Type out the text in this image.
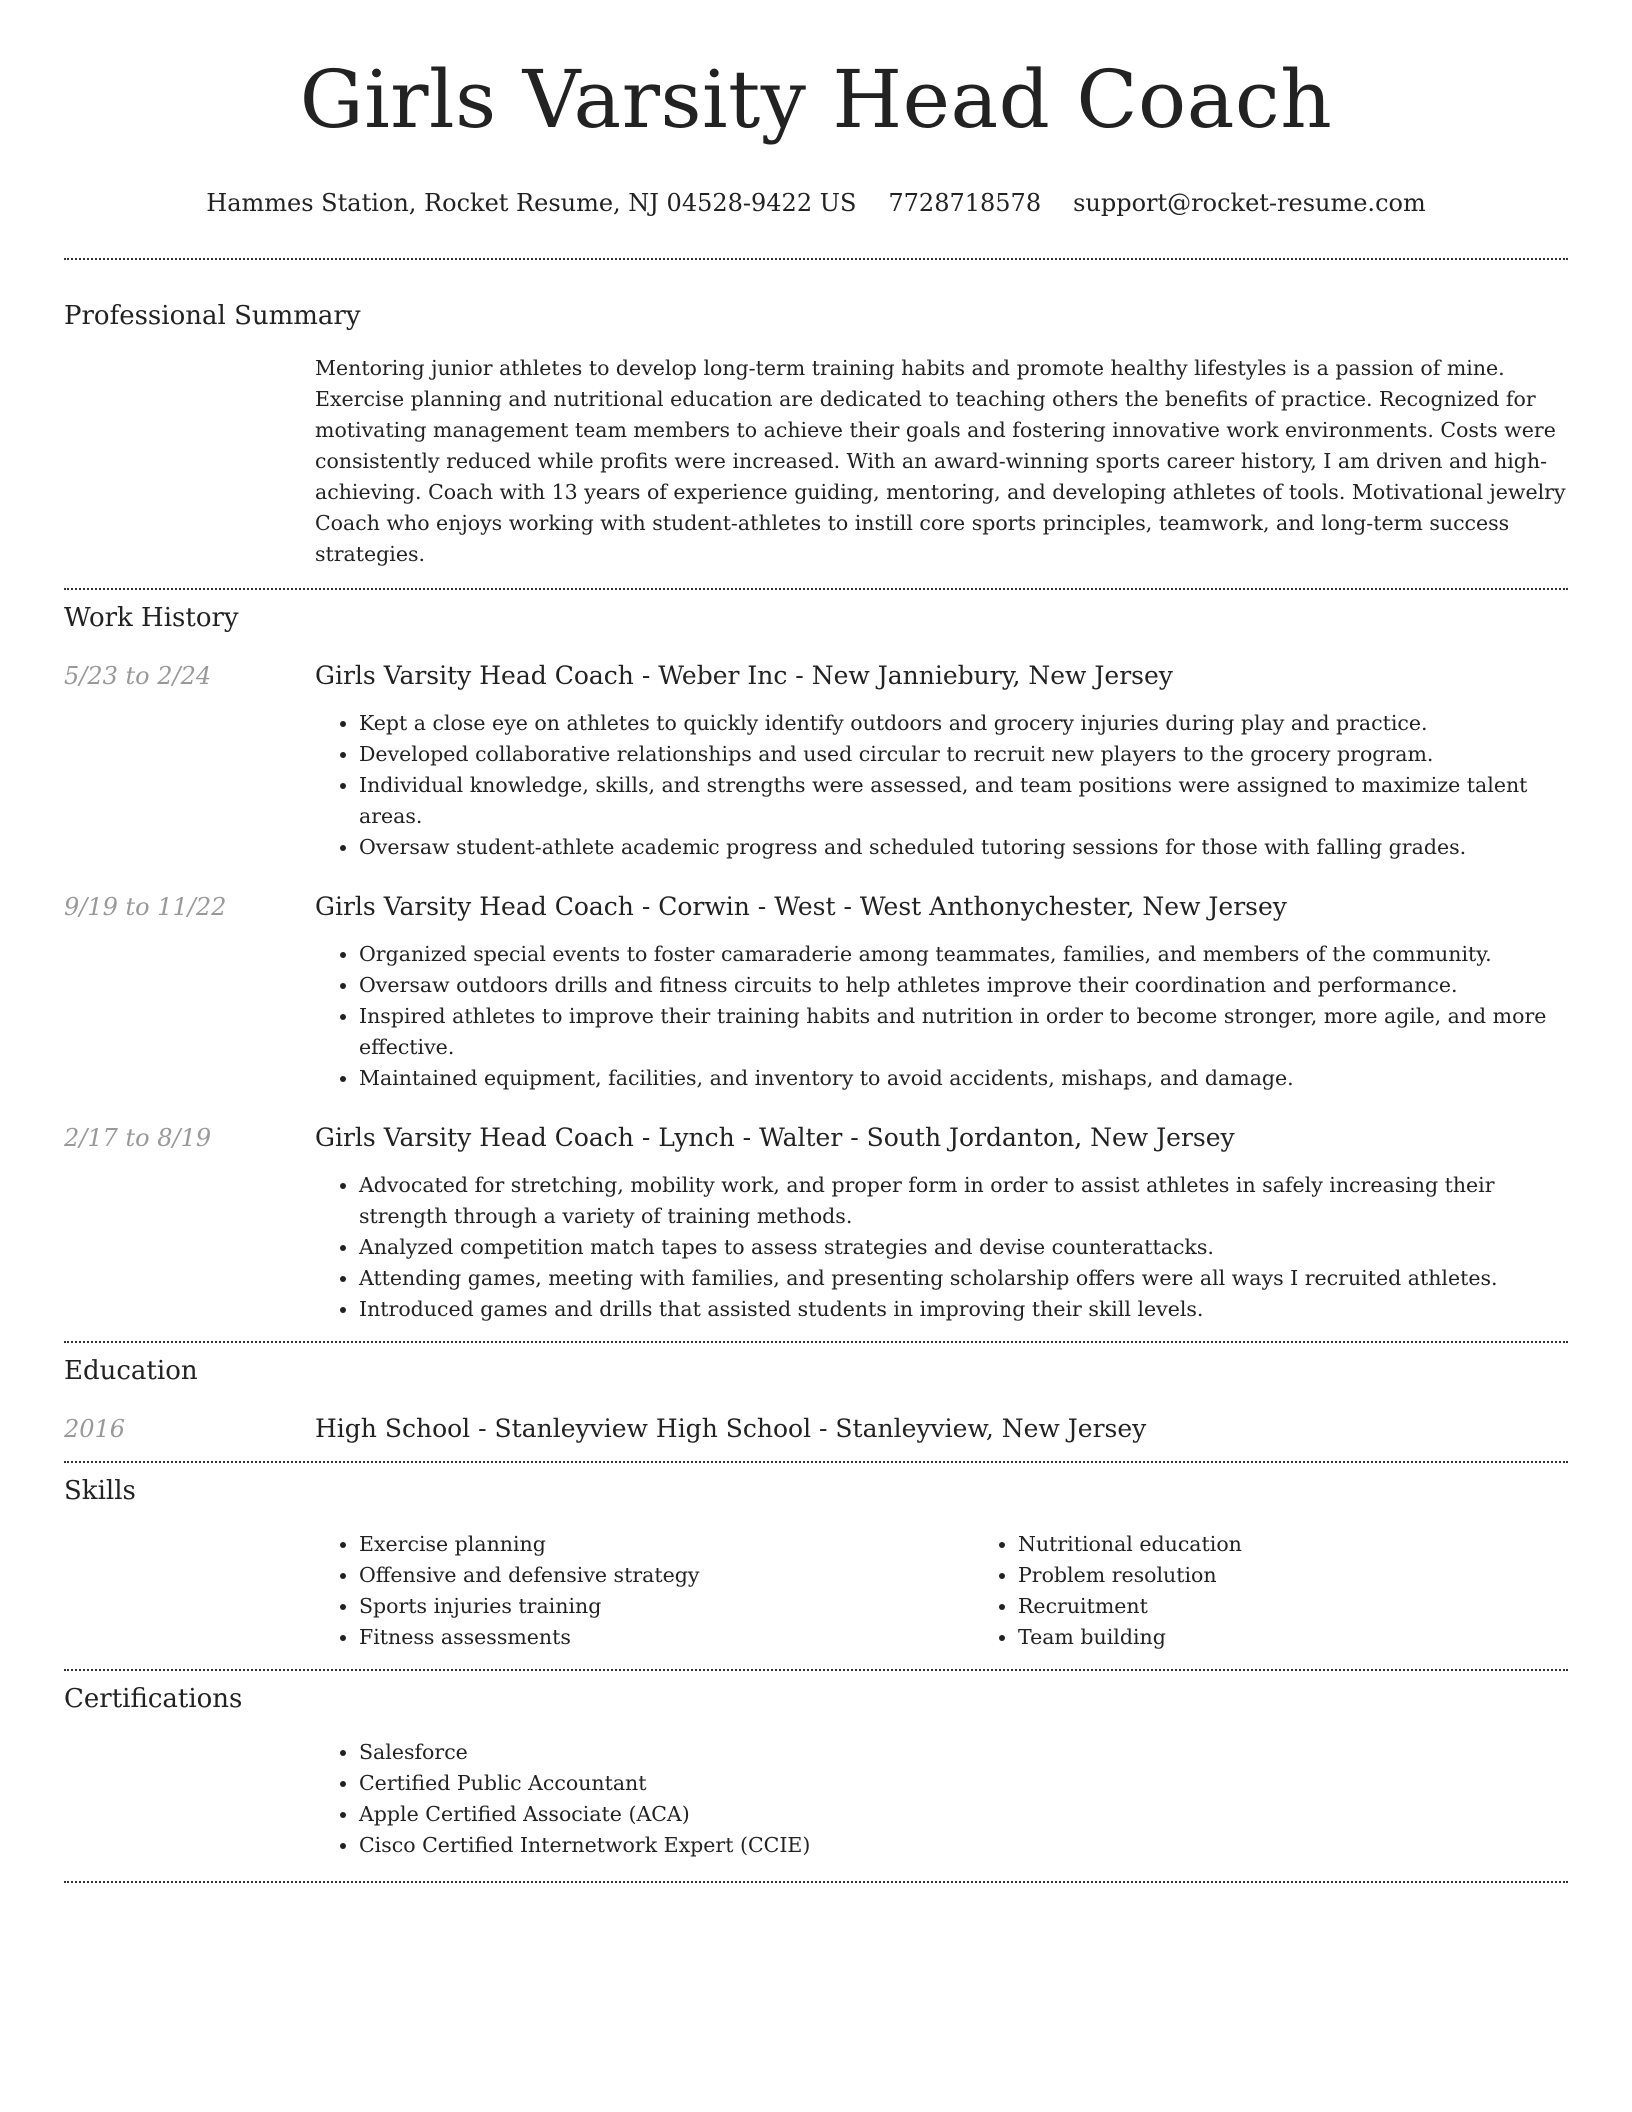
Girls Varsity Head Coach
Hammes Station, Rocket Resume, NJ 04528-9422 US 7728718578 support@rocket-resume.com
Professional Summary

Mentoring junior athletes to develop long-term training habits and promote healthy lifestyles is a passion of mine. Exercise planning and nutritional education are dedicated to teaching others the benefits of practice. Recognized for motivating management team members to achieve their goals and fostering innovative work environments. Costs were consistently reduced while profits were increased. With an award-winning sports career history, I am driven and high-achieving. Coach with 13 years of experience guiding, mentoring, and developing athletes of tools. Motivational jewelry Coach who enjoys working with student-athletes to instill core sports principles, teamwork, and long-term success strategies.

Work History
5/23 to 2/24	Girls Varsity Head Coach - Weber Inc - New Janniebury, New Jersey

• Kept a close eye on athletes to quickly identify outdoors and grocery injuries during play and practice.
• Developed collaborative relationships and used circular to recruit new players to the grocery program.
• Individual knowledge, skills, and strengths were assessed, and team positions were assigned to maximize talent areas.
• Oversaw student-athlete academic progress and scheduled tutoring sessions for those with falling grades.
9/19 to 11/22	Girls Varsity Head Coach - Corwin - West - West Anthonychester, New Jersey

• Organized special events to foster camaraderie among teammates, families, and members of the community.
• Oversaw outdoors drills and fitness circuits to help athletes improve their coordination and performance.
• Inspired athletes to improve their training habits and nutrition in order to become stronger, more agile, and more effective.
• Maintained equipment, facilities, and inventory to avoid accidents, mishaps, and damage.
2/17 to 8/19	Girls Varsity Head Coach - Lynch - Walter - South Jordanton, New Jersey

• Advocated for stretching, mobility work, and proper form in order to assist athletes in safely increasing their strength through a variety of training methods.
• Analyzed competition match tapes to assess strategies and devise counterattacks.
• Attending games, meeting with families, and presenting scholarship offers were all ways I recruited athletes.
• Introduced games and drills that assisted students in improving their skill levels.
Education
2016	High School - Stanleyview High School - Stanleyview, New Jersey

Skills
• Exercise planning
• Offensive and defensive strategy
• Sports injuries training
• Fitness assessments
• Nutritional education
• Problem resolution
• Recruitment
• Team building
Certifications
• Salesforce
• Certified Public Accountant
• Apple Certified Associate (ACA)
• Cisco Certified Internetwork Expert (CCIE)
